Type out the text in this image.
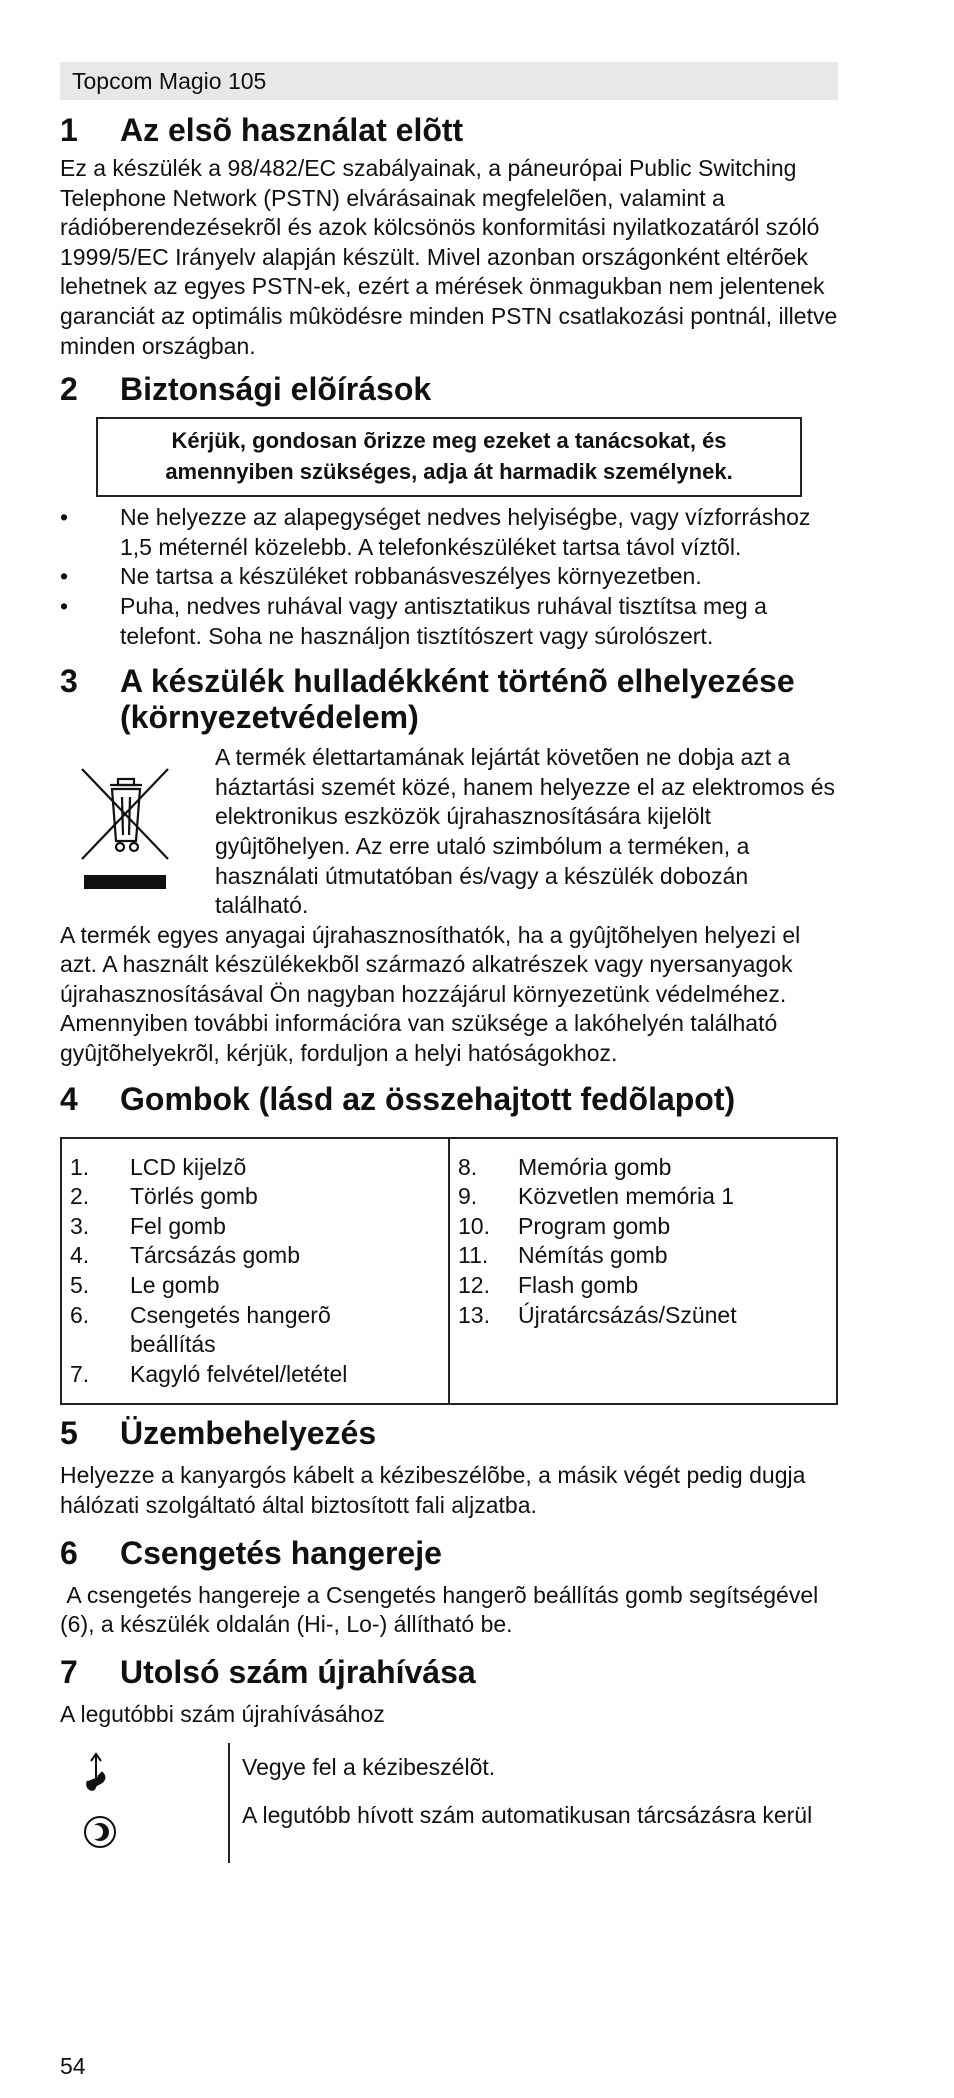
Topcom Magio 105
1	Az elsõ használat elõtt

Ez a készülék a 98/482/EC szabályainak, a páneurópai Public Switching Telephone Network (PSTN) elvárásainak megfelelõen, valamint a rádióberendezésekrõl és azok kölcsönös konformitási nyilatkozatáról szóló 1999/5/EC Irányelv alapján készült. Mivel azonban országonként eltérõek lehetnek az egyes PSTN-ek, ezért a mérések önmagukban nem jelentenek garanciát az optimális mûködésre minden PSTN csatlakozási pontnál, illetve minden országban.

2	Biztonsági elõírások
Kérjük, gondosan õrizze meg ezeket a tanácsokat, és amennyiben szükséges, adja át harmadik személynek.
•	Ne helyezze az alapegységet nedves helyiségbe, vagy vízforráshoz 1,5 méternél közelebb. A telefonkészüléket tartsa távol víztõl.
•	Ne tartsa a készüléket robbanásveszélyes környezetben.
•	Puha, nedves ruhával vagy antisztatikus ruhával tisztítsa meg a telefont. Soha ne használjon tisztítószert vagy súrolószert.
3	A készülék hulladékként történõ elhelyezése (környezetvédelem)

A termék élettartamának lejártát követõen ne dobja azt a háztartási szemét közé, hanem helyezze el az elektromos és elektronikus eszközök újrahasznosítására kijelölt gyûjtõhelyen. Az erre utaló szimbólum a terméken, a használati útmutatóban és/vagy a készülék dobozán található.

A termék egyes anyagai újrahasznosíthatók, ha a gyûjtõhelyen helyezi el azt. A használt készülékekbõl származó alkatrészek vagy nyersanyagok újrahasznosításával Ön nagyban hozzájárul környezetünk védelméhez.

Amennyiben további információra van szüksége a lakóhelyén található gyûjtõhelyekrõl, kérjük, forduljon a helyi hatóságokhoz.

4	Gombok (lásd az összehajtott fedõlapot)
1.	LCD kijelzõ
2.	Törlés gomb
3.	Fel gomb
4.	Tárcsázás gomb
5.	Le gomb
6.	Csengetés hangerõ beállítás
7.	Kagyló felvétel/letétel

8.	Memória gomb
9.	Közvetlen memória 1
10.	Program gomb
11.	Némítás gomb
12.	Flash gomb
13.	Újratárcsázás/Szünet
5	Üzembehelyezés

Helyezze a kanyargós kábelt a kézibeszélõbe, a másik végét pedig dugja hálózati szolgáltató által biztosított fali aljzatba.

6	Csengetés hangereje

A csengetés hangereje a Csengetés hangerõ beállítás gomb segítségével (6), a készülék oldalán (Hi-, Lo-) állítható be.

7	Utolsó szám újrahívása

A legutóbbi szám újrahívásához

Vegye fel a kézibeszélõt.
A legutóbb hívott szám automatikusan tárcsázásra kerül
54
